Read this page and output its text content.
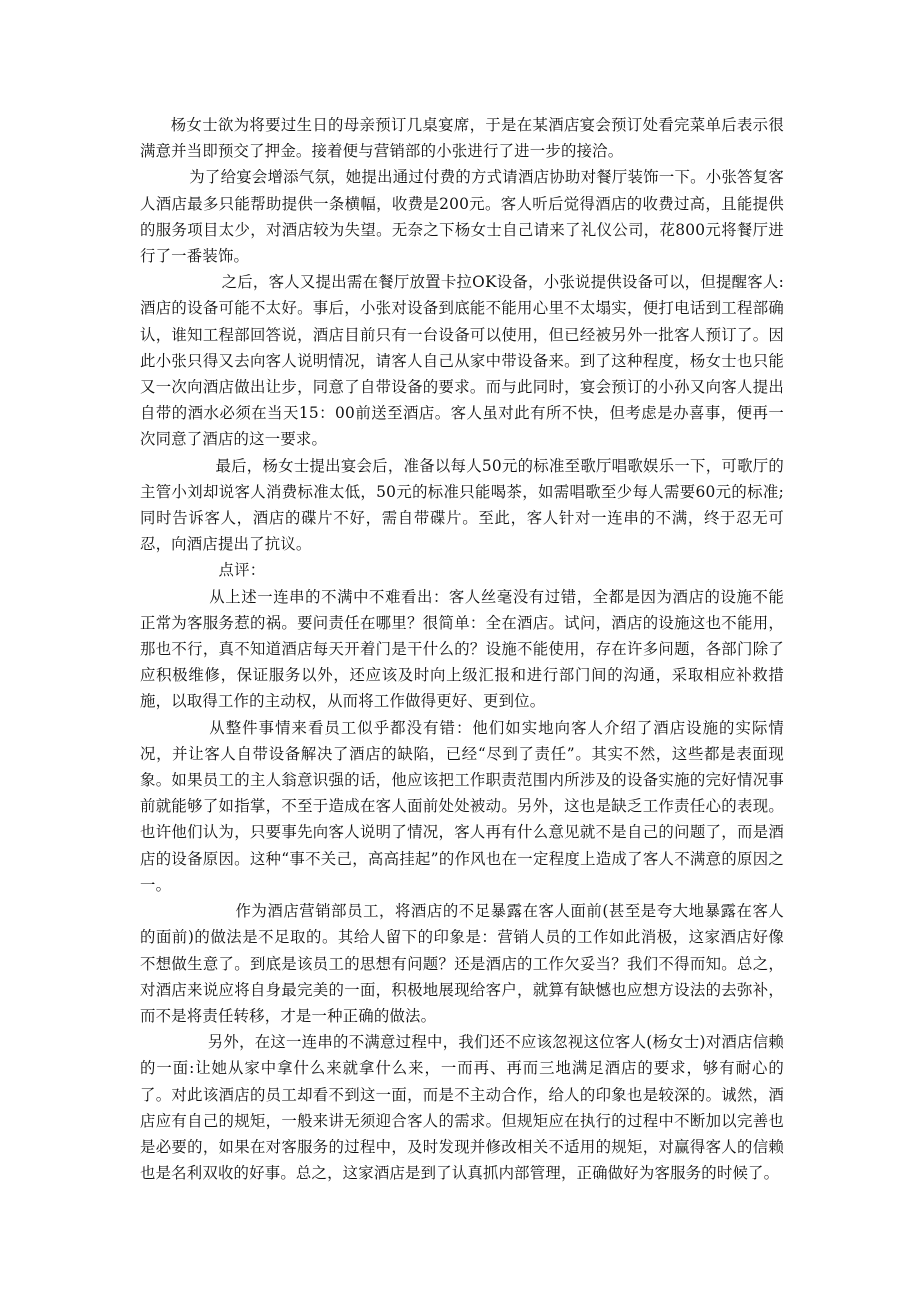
杨女士欲为将要过生日的母亲预订几桌宴席，于是在某酒店宴会预订处看完菜单后表示很满意并当即预交了押金。接着便与营销部的小张进行了进一步的接洽。

为了给宴会增添气氛，她提出通过付费的方式请酒店协助对餐厅装饰一下。小张答复客人酒店最多只能帮助提供一条横幅，收费是200元。客人听后觉得酒店的收费过高，且能提供的服务项目太少，对酒店较为失望。无奈之下杨女士自己请来了礼仪公司，花800元将餐厅进行了一番装饰。

之后，客人又提出需在餐厅放置卡拉OK设备，小张说提供设备可以，但提醒客人:酒店的设备可能不太好。事后，小张对设备到底能不能用心里不太塌实，便打电话到工程部确认，谁知工程部回答说，酒店目前只有一台设备可以使用，但已经被另外一批客人预订了。因此小张只得又去向客人说明情况，请客人自己从家中带设备来。到了这种程度，杨女士也只能又一次向酒店做出让步，同意了自带设备的要求。而与此同时，宴会预订的小孙又向客人提出自带的酒水必须在当天15：00前送至酒店。客人虽对此有所不快，但考虑是办喜事，便再一次同意了酒店的这一要求。

最后，杨女士提出宴会后，准备以每人50元的标准至歌厅唱歌娱乐一下，可歌厅的主管小刘却说客人消费标准太低，50元的标准只能喝茶，如需唱歌至少每人需要60元的标准;同时告诉客人，酒店的碟片不好，需自带碟片。至此，客人针对一连串的不满，终于忍无可忍，向酒店提出了抗议。

点评：

从上述一连串的不满中不难看出：客人丝毫没有过错，全都是因为酒店的设施不能正常为客服务惹的祸。要问责任在哪里？很简单：全在酒店。试问，酒店的设施这也不能用，那也不行，真不知道酒店每天开着门是干什么的？设施不能使用，存在许多问题，各部门除了应积极维修，保证服务以外，还应该及时向上级汇报和进行部门间的沟通，采取相应补救措施，以取得工作的主动权，从而将工作做得更好、更到位。

从整件事情来看员工似乎都没有错：他们如实地向客人介绍了酒店设施的实际情况，并让客人自带设备解决了酒店的缺陷，已经“尽到了责任”。其实不然，这些都是表面现象。如果员工的主人翁意识强的话，他应该把工作职责范围内所涉及的设备实施的完好情况事前就能够了如指掌，不至于造成在客人面前处处被动。另外，这也是缺乏工作责任心的表现。也许他们认为，只要事先向客人说明了情况，客人再有什么意见就不是自己的问题了，而是酒店的设备原因。这种“事不关己，高高挂起”的作风也在一定程度上造成了客人不满意的原因之一。

作为酒店营销部员工，将酒店的不足暴露在客人面前(甚至是夸大地暴露在客人的面前)的做法是不足取的。其给人留下的印象是：营销人员的工作如此消极，这家酒店好像不想做生意了。到底是该员工的思想有问题？还是酒店的工作欠妥当？我们不得而知。总之，对酒店来说应将自身最完美的一面，积极地展现给客户，就算有缺憾也应想方设法的去弥补，而不是将责任转移，才是一种正确的做法。

另外，在这一连串的不满意过程中，我们还不应该忽视这位客人(杨女士)对酒店信赖的一面:让她从家中拿什么来就拿什么来，一而再、再而三地满足酒店的要求，够有耐心的了。对此该酒店的员工却看不到这一面，而是不主动合作，给人的印象也是较深的。诚然，酒店应有自己的规矩，一般来讲无须迎合客人的需求。但规矩应在执行的过程中不断加以完善也是必要的，如果在对客服务的过程中，及时发现并修改相关不适用的规矩，对赢得客人的信赖也是名利双收的好事。总之，这家酒店是到了认真抓内部管理，正确做好为客服务的时候了。
